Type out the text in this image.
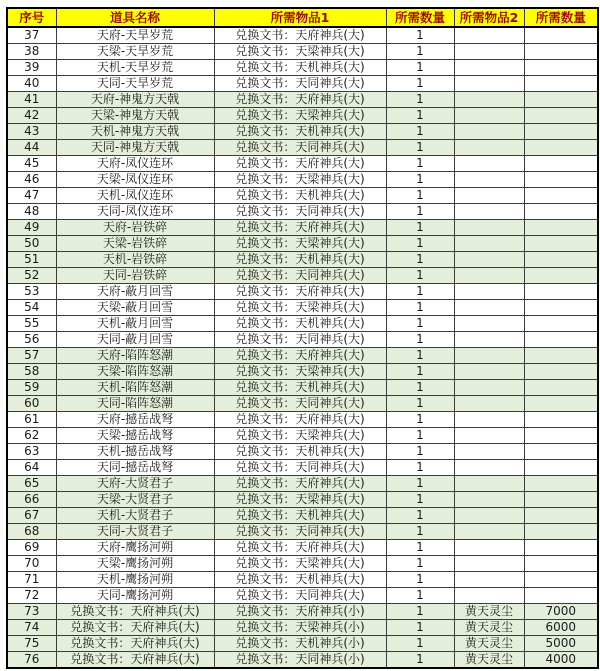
序号	道具名称	所需物品1	所需数量	所需物品2	所需数量
37	天府-天旱岁荒	兑换文书：天府神兵(大)	1		
38	天梁-天旱岁荒	兑换文书：天梁神兵(大)	1		
39	天机-天旱岁荒	兑换文书：天机神兵(大)	1		
40	天同-天旱岁荒	兑换文书：天同神兵(大)	1		
41	天府-神鬼方天戟	兑换文书：天府神兵(大)	1		
42	天梁-神鬼方天戟	兑换文书：天梁神兵(大)	1		
43	天机-神鬼方天戟	兑换文书：天机神兵(大)	1		
44	天同-神鬼方天戟	兑换文书：天同神兵(大)	1		
45	天府-凤仪连环	兑换文书：天府神兵(大)	1		
46	天梁-凤仪连环	兑换文书：天梁神兵(大)	1		
47	天机-凤仪连环	兑换文书：天机神兵(大)	1		
48	天同-凤仪连环	兑换文书：天同神兵(大)	1		
49	天府-岩铁碎	兑换文书：天府神兵(大)	1		
50	天梁-岩铁碎	兑换文书：天梁神兵(大)	1		
51	天机-岩铁碎	兑换文书：天机神兵(大)	1		
52	天同-岩铁碎	兑换文书：天同神兵(大)	1		
53	天府-蔽月回雪	兑换文书：天府神兵(大)	1		
54	天梁-蔽月回雪	兑换文书：天梁神兵(大)	1		
55	天机-蔽月回雪	兑换文书：天机神兵(大)	1		
56	天同-蔽月回雪	兑换文书：天同神兵(大)	1		
57	天府-陷阵怒潮	兑换文书：天府神兵(大)	1		
58	天梁-陷阵怒潮	兑换文书：天梁神兵(大)	1		
59	天机-陷阵怒潮	兑换文书：天机神兵(大)	1		
60	天同-陷阵怒潮	兑换文书：天同神兵(大)	1		
61	天府-撼岳战弩	兑换文书：天府神兵(大)	1		
62	天梁-撼岳战弩	兑换文书：天梁神兵(大)	1		
63	天机-撼岳战弩	兑换文书：天机神兵(大)	1		
64	天同-撼岳战弩	兑换文书：天同神兵(大)	1		
65	天府-大贤君子	兑换文书：天府神兵(大)	1		
66	天梁-大贤君子	兑换文书：天梁神兵(大)	1		
67	天机-大贤君子	兑换文书：天机神兵(大)	1		
68	天同-大贤君子	兑换文书：天同神兵(大)	1		
69	天府-鹰扬河朔	兑换文书：天府神兵(大)	1		
70	天梁-鹰扬河朔	兑换文书：天梁神兵(大)	1		
71	天机-鹰扬河朔	兑换文书：天机神兵(大)	1		
72	天同-鹰扬河朔	兑换文书：天同神兵(大)	1		
73	兑换文书：天府神兵(大)	兑换文书：天府神兵(小)	1	黄天灵尘	7000
74	兑换文书：天府神兵(大)	兑换文书：天梁神兵(小)	1	黄天灵尘	6000
75	兑换文书：天府神兵(大)	兑换文书：天机神兵(小)	1	黄天灵尘	5000
76	兑换文书：天府神兵(大)	兑换文书：天同神兵(小)	1	黄天灵尘	4000
